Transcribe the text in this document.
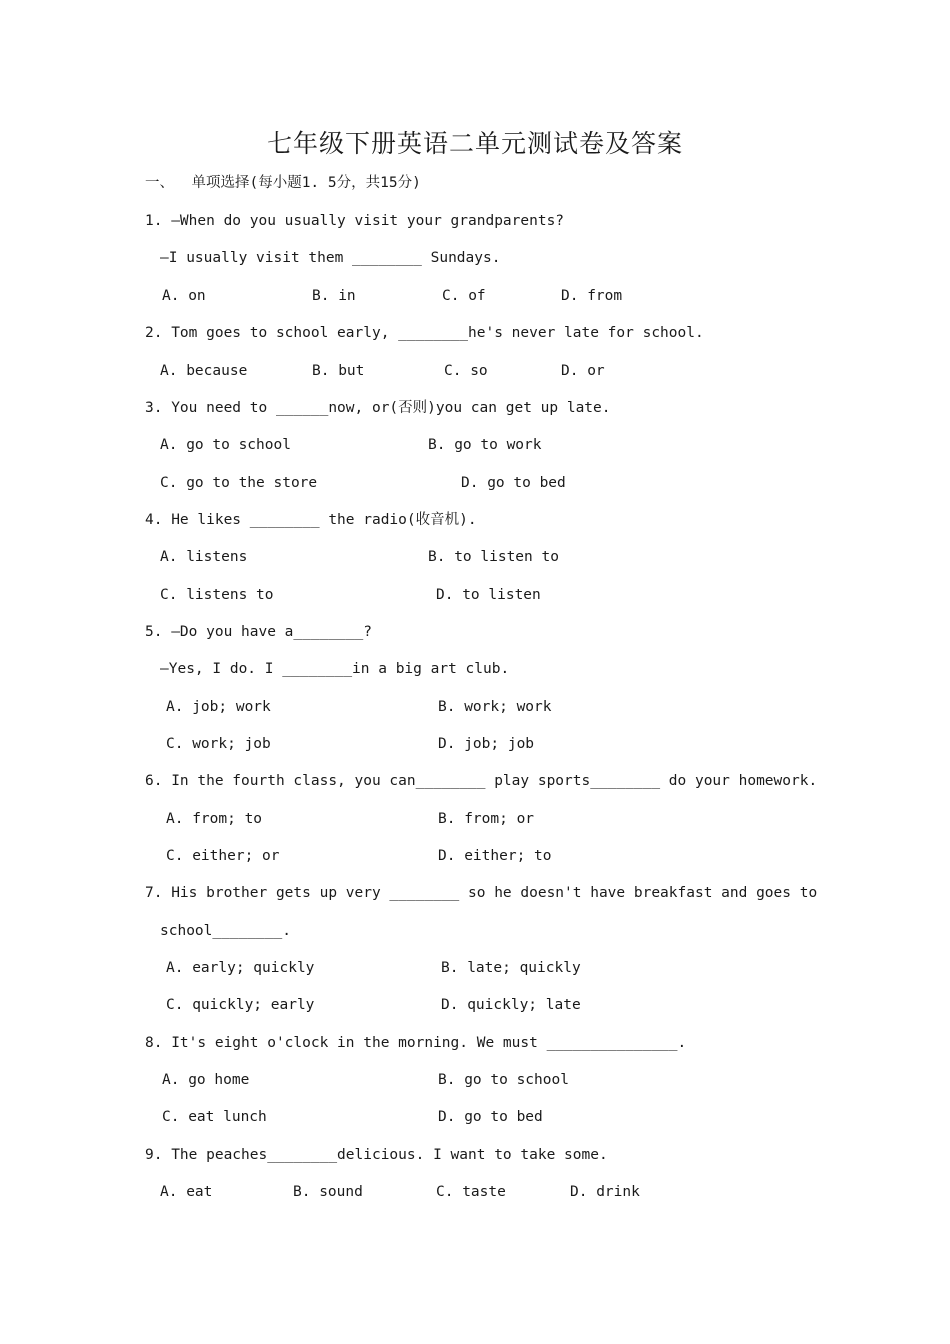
七年级下册英语二单元测试卷及答案
一、  单项选择(每小题1. 5分，共15分)
1. —When do you usually visit your grandparents?
—I usually visit them ________ Sundays.
A. on	B. in	C. of	D. from
2. Tom goes to school early, ________he's never late for school.
A. because	B. but	C. so	D. or
3. You need to ______now, or(否则)you can get up late.
A. go to school	B. go to work
C. go to the store	D. go to bed
4. He likes ________ the radio(收音机).
A. listens	B. to listen to
C. listens to	D. to listen
5. —Do you have a________?
—Yes, I do. I ________in a big art club.
A. job; work	B. work; work
C. work; job	D. job; job
6. In the fourth class, you can________ play sports________ do your homework.
A. from; to	B. from; or
C. either; or	D. either; to
7. His brother gets up very ________ so he doesn't have breakfast and goes to
school________.
A. early; quickly	B. late; quickly
C. quickly; early	D. quickly; late
8. It's eight o'clock in the morning. We must _______________.
A. go home	B. go to school
C. eat lunch	D. go to bed
9. The peaches________delicious. I want to take some.
A. eat	B. sound	C. taste	D. drink
